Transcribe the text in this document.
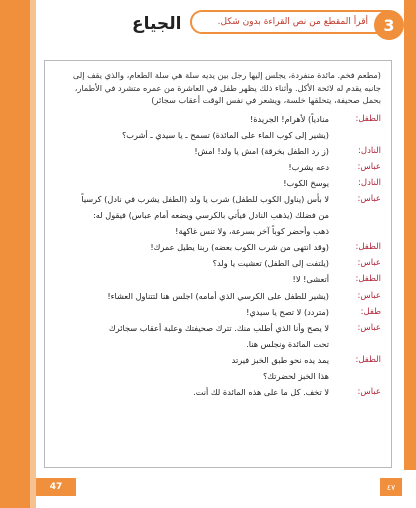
الجياع	أقرأ المقطع من نص القراءة بدون شكل. 3
(مطعم فخم. مائدة منفردة، يجلس إليها رجل بين يديه سلة هي سلة الطعام، والذي يقف إلى جانبه يقدم له لائحة الأكل. وأثناء ذلك يظهر طفل في العاشرة من عمره متشرد في الأطمار، بحمل صحيفة، يتحلقها خلسة، ويشعر في نفس الوقت أعقاب سجائر)
الطفل:
منادياً) لأهرام! الجريدة!
(يشير إلى كوب الماء على المائدة) تسمح ـ يا سيدي ـ أشرب؟
النادل:
(ز رد الطفل بخرقة) امش يا ولد! امش!
عباس:
دعه يشرب!
النادل:
يوسخ الكوب!
عباس:
لا بأس (يناول الكوب للطفل) شرب يا ولد (الطفل يشرب في نادل) كرسياً
من فضلك (يذهب النادل فيأتي بالكرسي ويضعه أمام عباس) فيقول له:
ذهب وأحضر كوباً آخر بسرعة، ولا تنس غاكهة!
الطفل:
(وقد انتهى من شرب الكوب بعضه) ربنا يطيل عمرك!
عباس:
(يلتفت إلى الطفل) تعشيت يا ولد؟
الطفل:
أتعشى! لا!
عباس:
(يشير للطفل على الكرسي الذي أمامه) اجلس هنا لتتناول العشاء!
طفل:
(متردد) لا تصح يا سيدي!
عباس:
لا يصح وأنا الذي أطلب منك. تترك صحيفتك وعلبة أعقاب سجائرك
تحت المائدة ونجلس هنا.
الطفل:
يمد يده نحو طبق الخبز فيرتد
هذا الخبز لحضرتك؟
عباس:
لا تخف. كل ما على هذه المائدة لك أنت.
47	٤٧
